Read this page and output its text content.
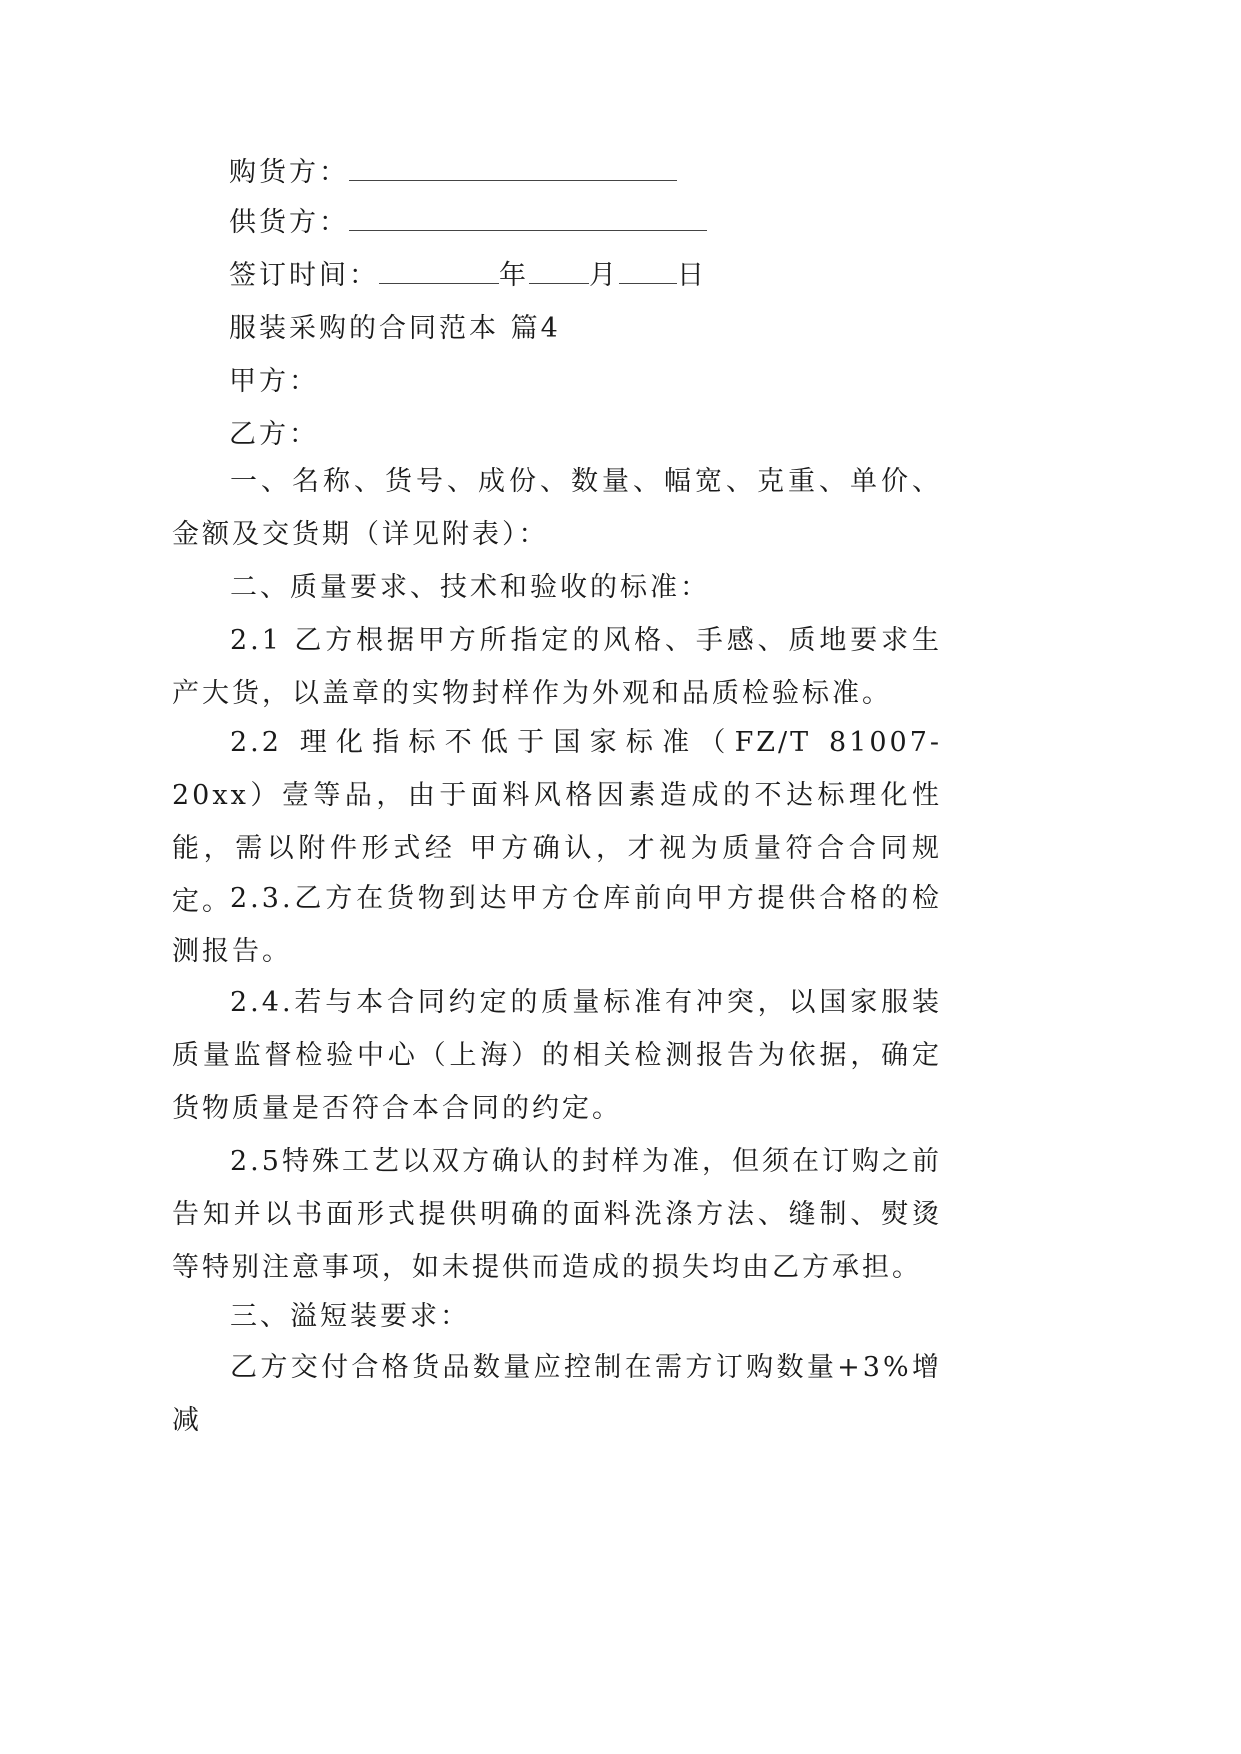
购货方：
供货方：
签订时间：	年 月 日
服装采购的合同范本 篇4
甲方：
乙方：
一、名称、货号、成份、数量、幅宽、克重、单价、金额及交货期（详见附表）：
二、质量要求、技术和验收的标准：
2.1 乙方根据甲方所指定的风格、手感、质地要求生产大货，以盖章的实物封样作为外观和品质检验标准。
2.2 理化指标不低于国家标准（FZ/T 81007-20xx）壹等品，由于面料风格因素造成的不达标理化性能，需以附件形式经 甲方确认，才视为质量符合合同规定。
2.3.乙方在货物到达甲方仓库前向甲方提供合格的检测报告。
2.4.若与本合同约定的质量标准有冲突，以国家服装质量监督检验中心（上海）的相关检测报告为依据，确定货物质量是否符合本合同的约定。
2.5特殊工艺以双方确认的封样为准，但须在订购之前告知并以书面形式提供明确的面料洗涤方法、缝制、熨烫等特别注意事项，如未提供而造成的损失均由乙方承担。
三、溢短装要求：
乙方交付合格货品数量应控制在需方订购数量+3%增减
